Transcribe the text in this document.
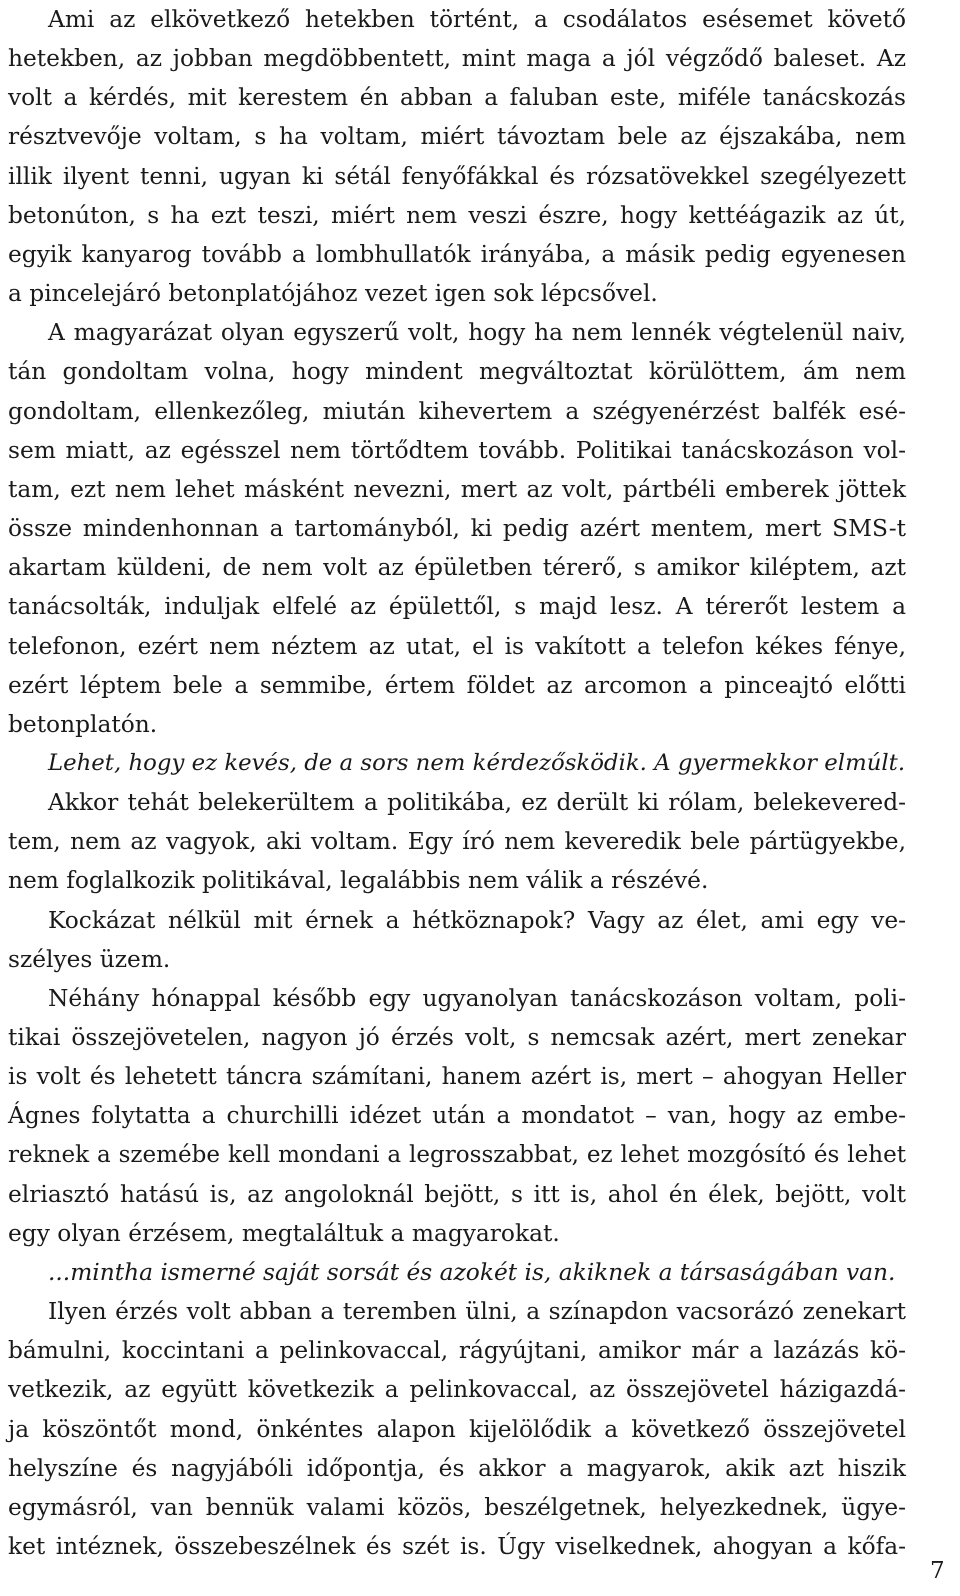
Ami az elkövetkező hetekben történt, a csodálatos esésemet követő
hetekben, az jobban megdöbbentett, mint maga a jól végződő baleset. Az
volt a kérdés, mit kerestem én abban a faluban este, miféle tanácskozás
résztvevője voltam, s ha voltam, miért távoztam bele az éjszakába, nem
illik ilyent tenni, ugyan ki sétál fenyőfákkal és rózsatövekkel szegélyezett
betonúton, s ha ezt teszi, miért nem veszi észre, hogy kettéágazik az út,
egyik kanyarog tovább a lombhullatók irányába, a másik pedig egyenesen
a pincelejáró betonplatójához vezet igen sok lépcsővel.
A magyarázat olyan egyszerű volt, hogy ha nem lennék végtelenül naiv,
tán gondoltam volna, hogy mindent megváltoztat körülöttem, ám nem
gondoltam, ellenkezőleg, miután kihevertem a szégyenérzést balfék esé-
sem miatt, az egésszel nem törtődtem tovább. Politikai tanácskozáson vol-
tam, ezt nem lehet másként nevezni, mert az volt, pártbéli emberek jöttek
össze mindenhonnan a tartományból, ki pedig azért mentem, mert SMS-t
akartam küldeni, de nem volt az épületben térerő, s amikor kiléptem, azt
tanácsolták, induljak elfelé az épülettől, s majd lesz. A térerőt lestem a
telefonon, ezért nem néztem az utat, el is vakított a telefon kékes fénye,
ezért léptem bele a semmibe, értem földet az arcomon a pinceajtó előtti
betonplatón.
Lehet, hogy ez kevés, de a sors nem kérdezősködik. A gyermekkor elmúlt.
Akkor tehát belekerültem a politikába, ez derült ki rólam, belekevered-
tem, nem az vagyok, aki voltam. Egy író nem keveredik bele pártügyekbe,
nem foglalkozik politikával, legalábbis nem válik a részévé.
Kockázat nélkül mit érnek a hétköznapok? Vagy az élet, ami egy ve-
szélyes üzem.
Néhány hónappal később egy ugyanolyan tanácskozáson voltam, poli-
tikai összejövetelen, nagyon jó érzés volt, s nemcsak azért, mert zenekar
is volt és lehetett táncra számítani, hanem azért is, mert – ahogyan Heller
Ágnes folytatta a churchilli idézet után a mondatot – van, hogy az embe-
reknek a szemébe kell mondani a legrosszabbat, ez lehet mozgósító és lehet
elriasztó hatású is, az angoloknál bejött, s itt is, ahol én élek, bejött, volt
egy olyan érzésem, megtaláltuk a magyarokat.
...mintha ismerné saját sorsát és azokét is, akiknek a társaságában van.
Ilyen érzés volt abban a teremben ülni, a színapdon vacsorázó zenekart
bámulni, koccintani a pelinkovaccal, rágyújtani, amikor már a lazázás kö-
vetkezik, az együtt következik a pelinkovaccal, az összejövetel házigazdá-
ja köszöntőt mond, önkéntes alapon kijelölődik a következő összejövetel
helyszíne és nagyjábóli időpontja, és akkor a magyarok, akik azt hiszik
egymásról, van bennük valami közös, beszélgetnek, helyezkednek, ügye-
ket intéznek, összebeszélnek és szét is. Úgy viselkednek, ahogyan a kőfa-
7
